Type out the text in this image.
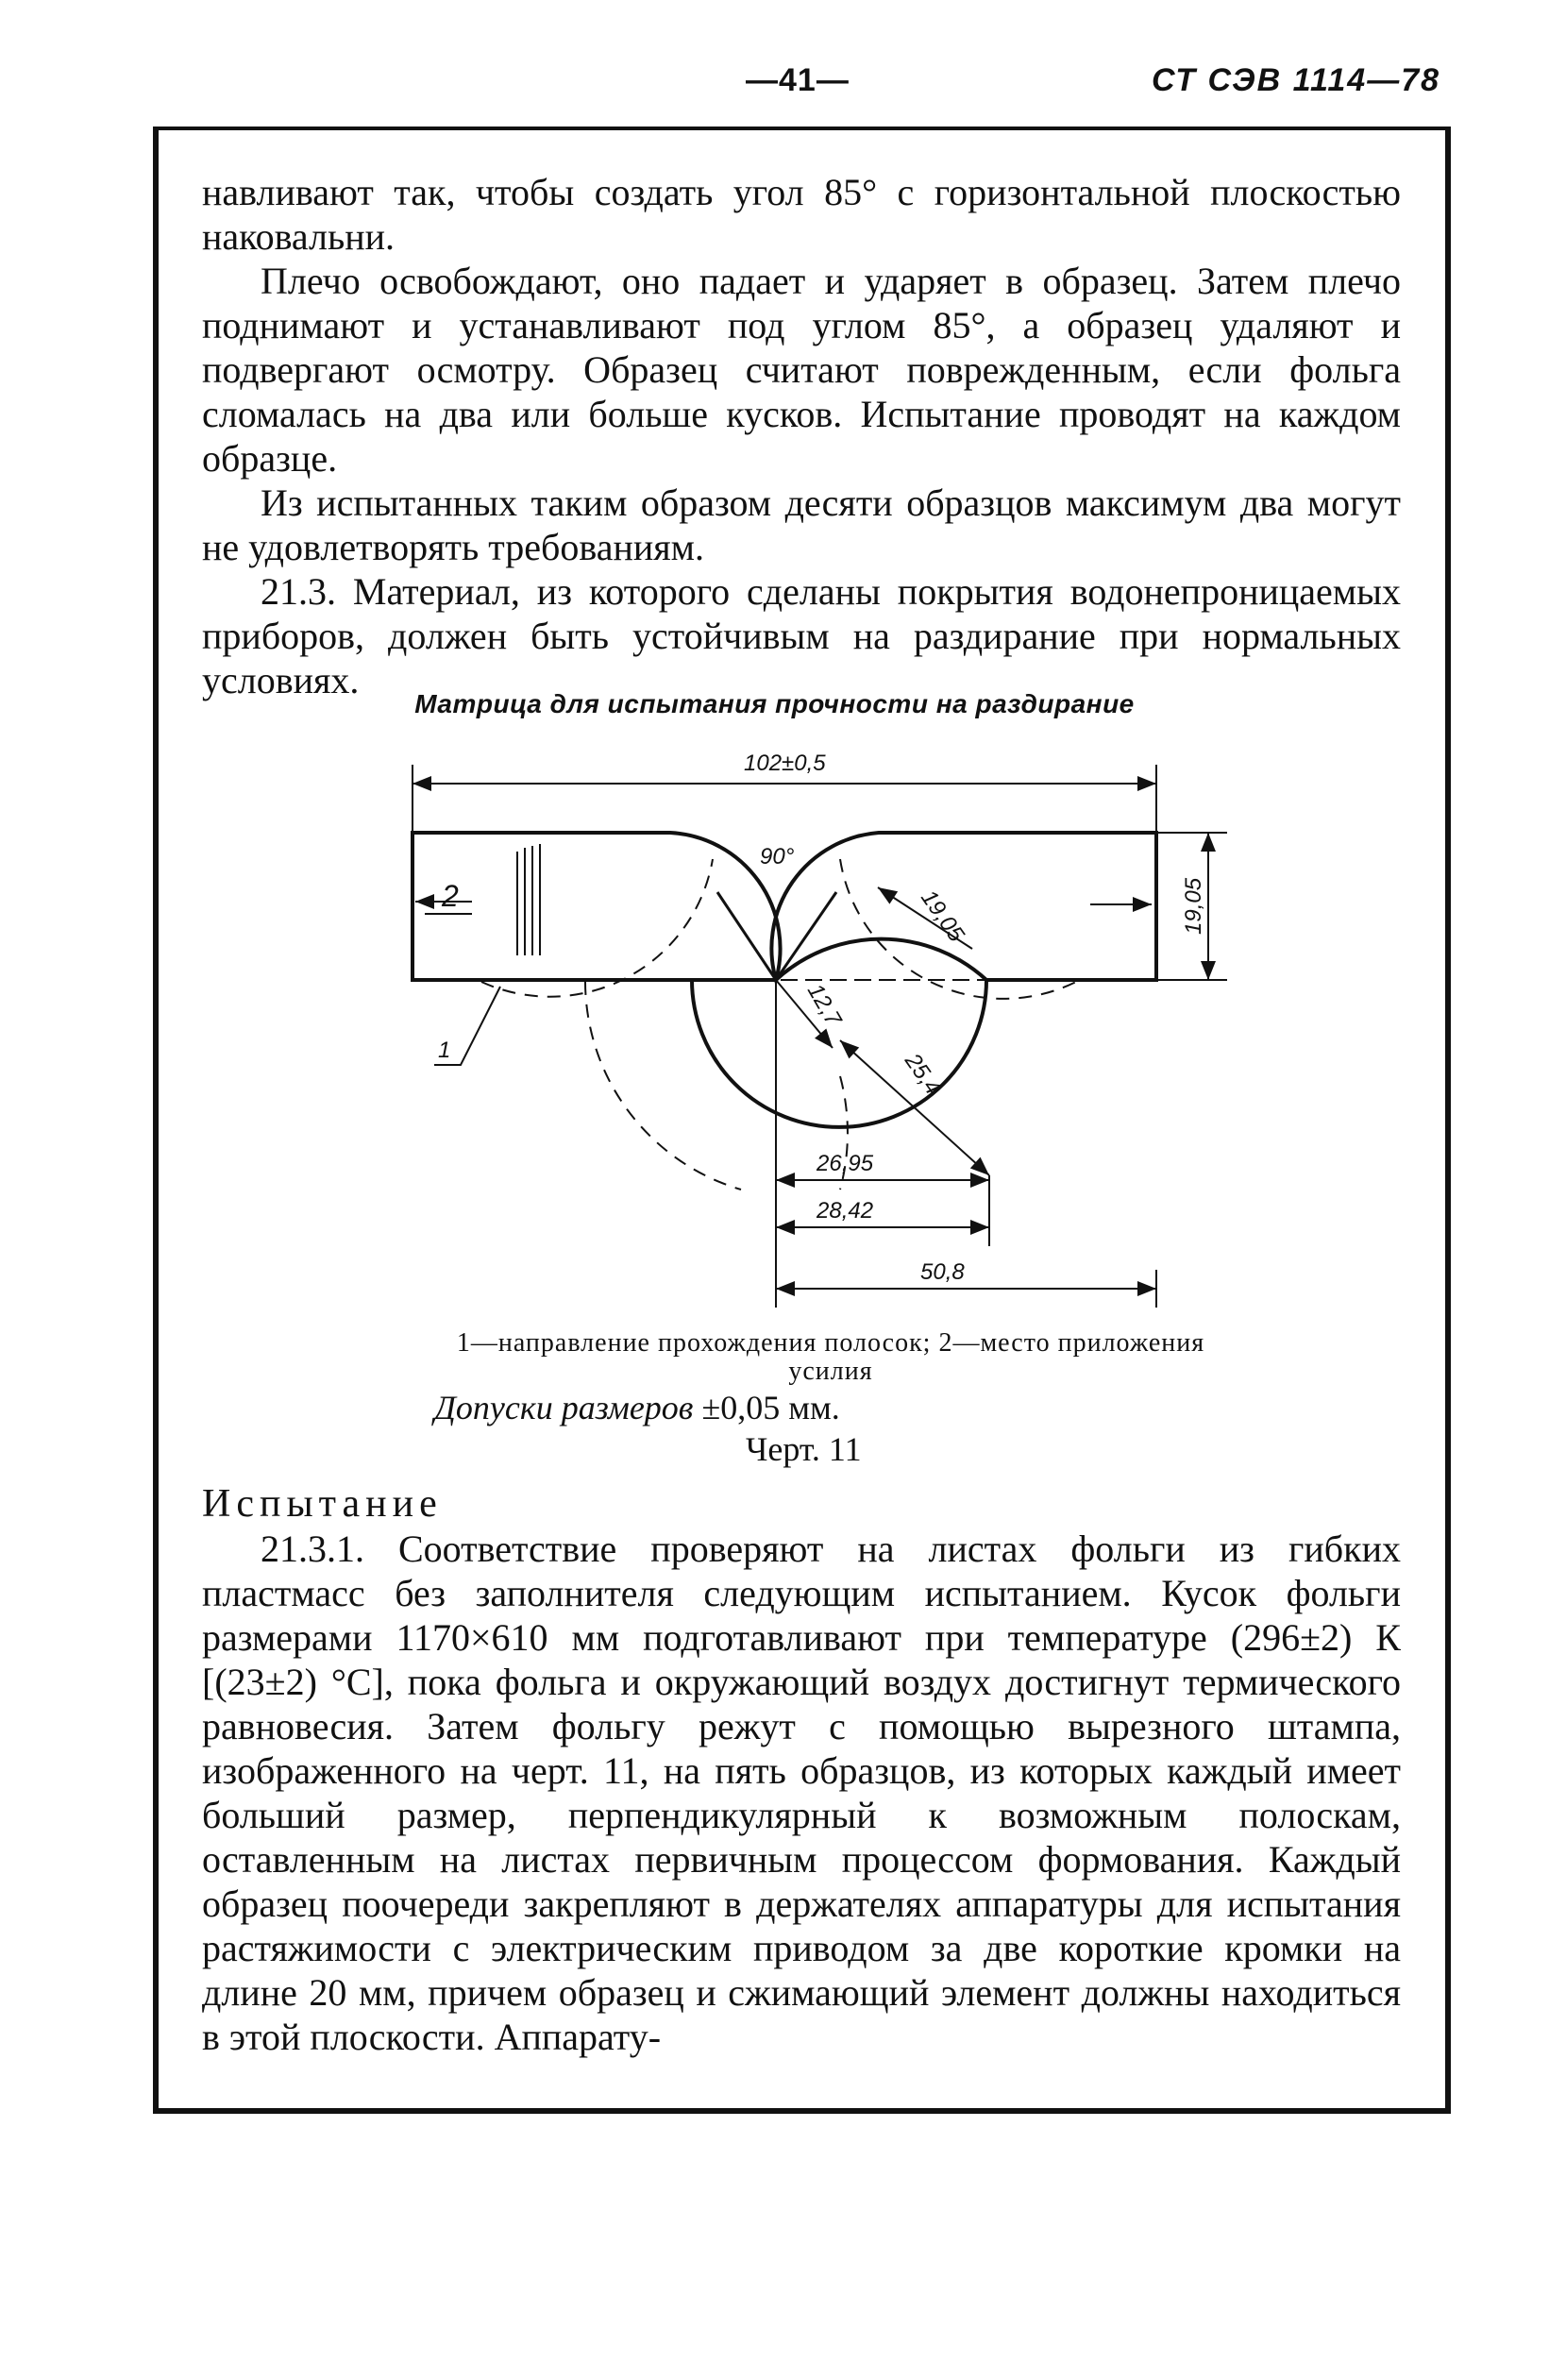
—41—	СТ СЭВ 1114—78

навливают так, чтобы создать угол 85° с горизонтальной плоскостью наковальни.

Плечо освобождают, оно падает и ударяет в образец. Затем плечо поднимают и устанавливают под углом 85°, а образец удаляют и подвергают осмотру. Образец считают поврежденным, если фольга сломалась на два или больше кусков. Испытание проводят на каждом образце.

Из испытанных таким образом десяти образцов максимум два могут не удовлетворять требованиям.

21.3. Материал, из которого сделаны покрытия водонепроницаемых приборов, должен быть устойчивым на раздирание при нормальных условиях.

Матрица для испытания прочности на раздирание
102±0,5
90°
19,05
19,05
12,7
25,4
26,95
28,42
50,8
1
2
1—направление прохождения полосок; 2—место приложения усилия
Допуски размеров ±0,05 мм.
Черт. 11

Испытание

21.3.1. Соответствие проверяют на листах фольги из гибких пластмасс без заполнителя следующим испытанием. Кусок фольги размерами 1170×610 мм подготавливают при температуре (296±2) К [(23±2) °C], пока фольга и окружающий воздух достигнут термического равновесия. Затем фольгу режут с помощью вырезного штампа, изображенного на черт. 11, на пять образцов, из которых каждый имеет больший размер, перпендикулярный к возможным полоскам, оставленным на листах первичным процессом формования. Каждый образец поочереди закрепляют в держателях аппаратуры для испытания растяжимости с электрическим приводом за две короткие кромки на длине 20 мм, причем образец и сжимающий элемент должны находиться в этой плоскости. Аппарату-
